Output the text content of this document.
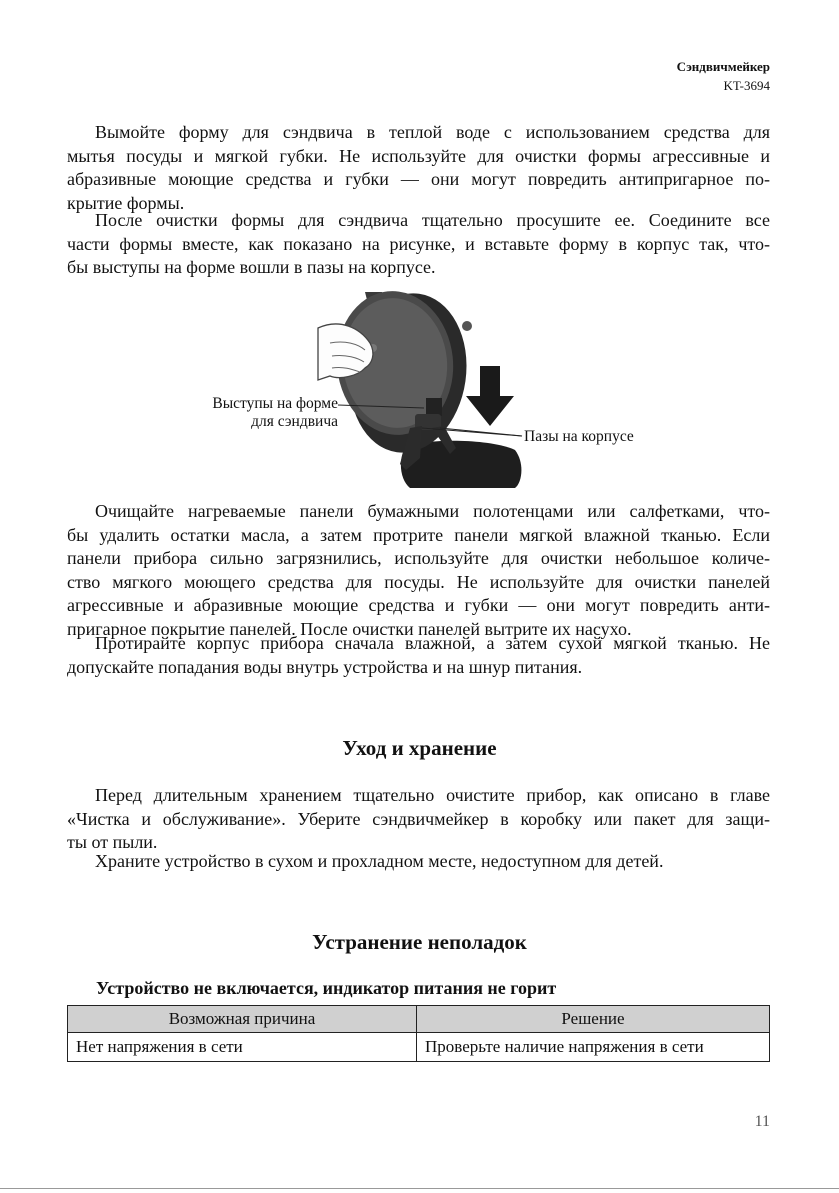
Сэндвичмейкер
KT-3694
Вымойте форму для сэндвича в теплой воде с использованием средства для
мытья посуды и мягкой губки. Не используйте для очистки формы агрессивные и
абразивные моющие средства и губки — они могут повредить антипригарное по-
крытие формы.
После очистки формы для сэндвича тщательно просушите ее. Соедините все
части формы вместе, как показано на рисунке, и вставьте форму в корпус так, что-
бы выступы на форме вошли в пазы на корпусе.
Выступы на форме
для сэндвича
Пазы на корпусе
Очищайте нагреваемые панели бумажными полотенцами или салфетками, что-
бы удалить остатки масла, а затем протрите панели мягкой влажной тканью. Если
панели прибора сильно загрязнились, используйте для очистки небольшое количе-
ство мягкого моющего средства для посуды. Не используйте для очистки панелей
агрессивные и абразивные моющие средства и губки — они могут повредить анти-
пригарное покрытие панелей. После очистки панелей вытрите их насухо.
Протирайте корпус прибора сначала влажной, а затем сухой мягкой тканью. Не
допускайте попадания воды внутрь устройства и на шнур питания.
Уход и хранение
Перед длительным хранением тщательно очистите прибор, как описано в главе
«Чистка и обслуживание». Уберите сэндвичмейкер в коробку или пакет для защи-
ты от пыли.
Храните устройство в сухом и прохладном месте, недоступном для детей.
Устранение неполадок
Устройство не включается, индикатор питания не горит
Возможная причина	Решение
Нет напряжения в сети	Проверьте наличие напряжения в сети
11
